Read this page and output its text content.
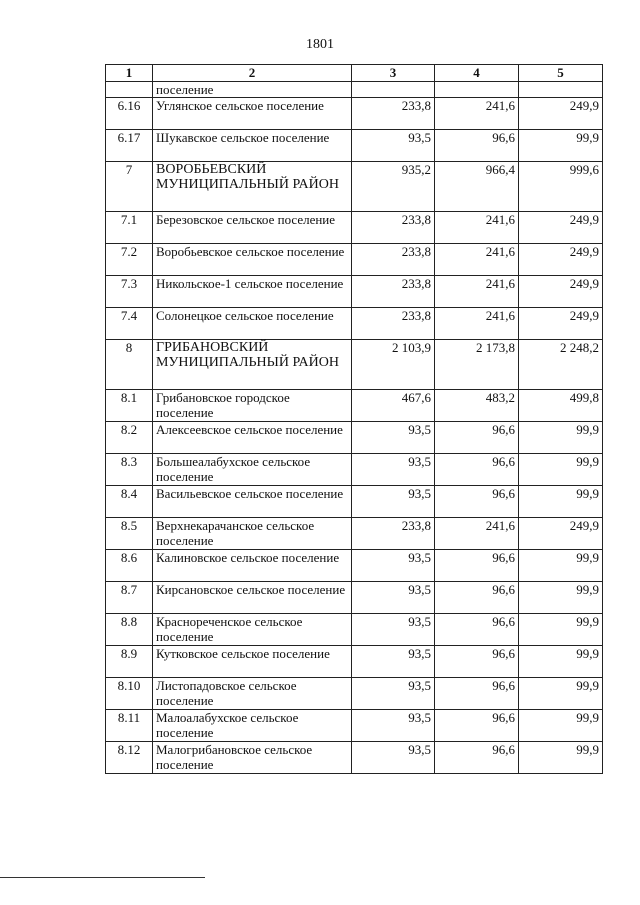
1801
1	2	3	4	5
	поселение			
6.16	Углянское сельское поселение	233,8	241,6	249,9
6.17	Шукавское сельское поселение	93,5	96,6	99,9
7	ВОРОБЬЕВСКИЙ МУНИЦИПАЛЬНЫЙ РАЙОН	935,2	966,4	999,6
7.1	Березовское сельское поселение	233,8	241,6	249,9
7.2	Воробьевское сельское поселение	233,8	241,6	249,9
7.3	Никольское-1 сельское поселение	233,8	241,6	249,9
7.4	Солонецкое сельское поселение	233,8	241,6	249,9
8	ГРИБАНОВСКИЙ МУНИЦИПАЛЬНЫЙ РАЙОН	2 103,9	2 173,8	2 248,2
8.1	Грибановское городское поселение	467,6	483,2	499,8
8.2	Алексеевское сельское поселение	93,5	96,6	99,9
8.3	Большеалабухское сельское поселение	93,5	96,6	99,9
8.4	Васильевское сельское поселение	93,5	96,6	99,9
8.5	Верхнекарачанское сельское поселение	233,8	241,6	249,9
8.6	Калиновское сельское поселение	93,5	96,6	99,9
8.7	Кирсановское сельское поселение	93,5	96,6	99,9
8.8	Краснореченское сельское поселение	93,5	96,6	99,9
8.9	Кутковское сельское поселение	93,5	96,6	99,9
8.10	Листопадовское сельское поселение	93,5	96,6	99,9
8.11	Малоалабухское сельское поселение	93,5	96,6	99,9
8.12	Малогрибановское сельское поселение	93,5	96,6	99,9
